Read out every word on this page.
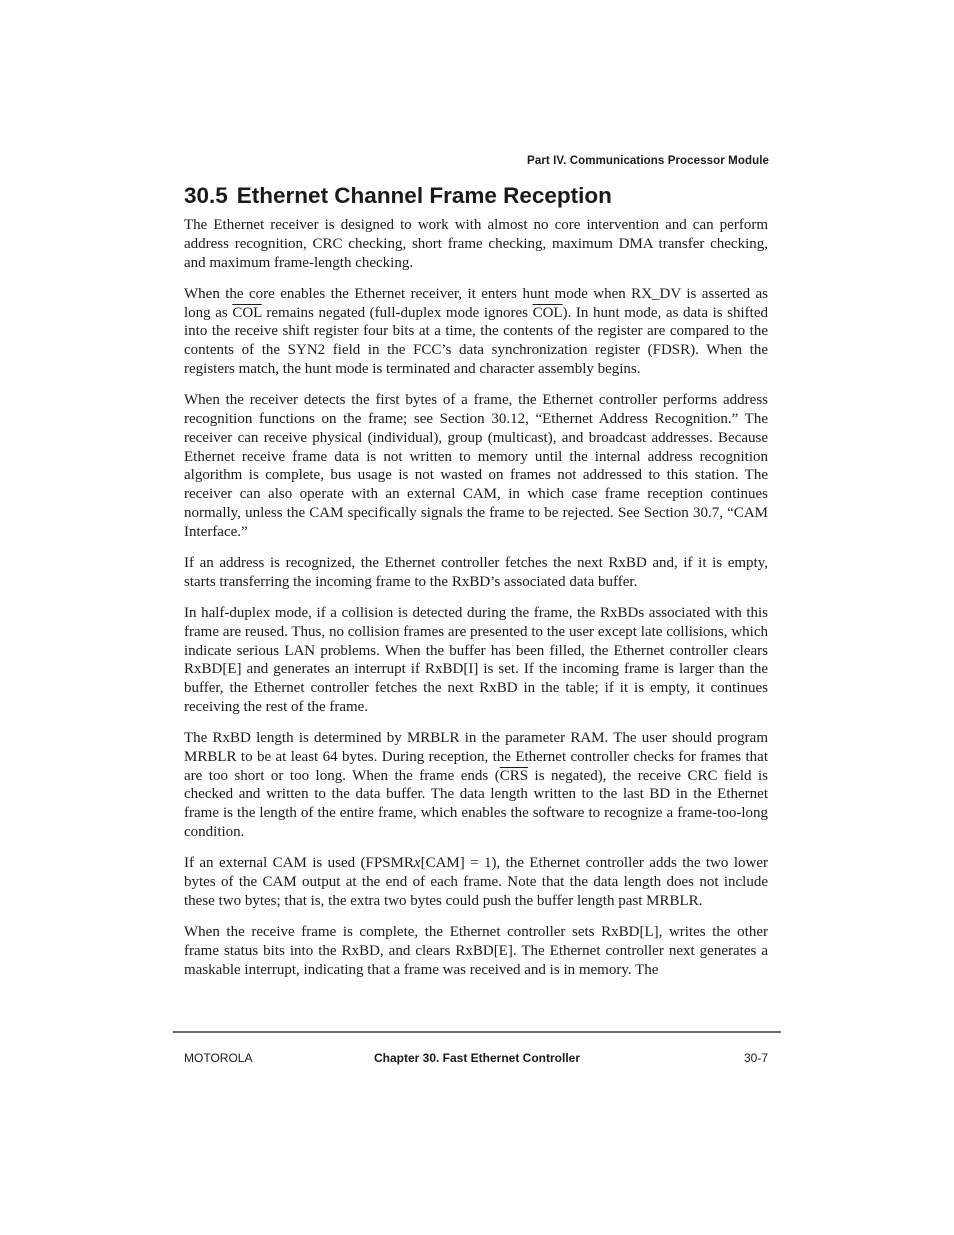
Part IV. Communications Processor Module
30.5 Ethernet Channel Frame Reception

The Ethernet receiver is designed to work with almost no core intervention and can perform address recognition, CRC checking, short frame checking, maximum DMA transfer checking, and maximum frame-length checking.

When the core enables the Ethernet receiver, it enters hunt mode when RX_DV is asserted as long as $\overline{COL}$ remains negated (full-duplex mode ignores $\overline{COL}$). In hunt mode, as data is shifted into the receive shift register four bits at a time, the contents of the register are compared to the contents of the SYN2 field in the FCC’s data synchronization register (FDSR). When the registers match, the hunt mode is terminated and character assembly begins.

When the receiver detects the first bytes of a frame, the Ethernet controller performs address recognition functions on the frame; see Section 30.12, “Ethernet Address Recognition.” The receiver can receive physical (individual), group (multicast), and broadcast addresses. Because Ethernet receive frame data is not written to memory until the internal address recognition algorithm is complete, bus usage is not wasted on frames not addressed to this station. The receiver can also operate with an external CAM, in which case frame reception continues normally, unless the CAM specifically signals the frame to be rejected. See Section 30.7, “CAM Interface.”

If an address is recognized, the Ethernet controller fetches the next RxBD and, if it is empty, starts transferring the incoming frame to the RxBD’s associated data buffer.

In half-duplex mode, if a collision is detected during the frame, the RxBDs associated with this frame are reused. Thus, no collision frames are presented to the user except late collisions, which indicate serious LAN problems. When the buffer has been filled, the Ethernet controller clears RxBD[E] and generates an interrupt if RxBD[I] is set. If the incoming frame is larger than the buffer, the Ethernet controller fetches the next RxBD in the table; if it is empty, it continues receiving the rest of the frame.

The RxBD length is determined by MRBLR in the parameter RAM. The user should program MRBLR to be at least 64 bytes. During reception, the Ethernet controller checks for frames that are too short or too long. When the frame ends ($\overline{CRS}$ is negated), the receive CRC field is checked and written to the data buffer. The data length written to the last BD in the Ethernet frame is the length of the entire frame, which enables the software to recognize a frame-too-long condition.

If an external CAM is used (FPSMRx[CAM] = 1), the Ethernet controller adds the two lower bytes of the CAM output at the end of each frame. Note that the data length does not include these two bytes; that is, the extra two bytes could push the buffer length past MRBLR.

When the receive frame is complete, the Ethernet controller sets RxBD[L], writes the other frame status bits into the RxBD, and clears RxBD[E]. The Ethernet controller next generates a maskable interrupt, indicating that a frame was received and is in memory. The

MOTOROLA	Chapter 30. Fast Ethernet Controller	30-7
